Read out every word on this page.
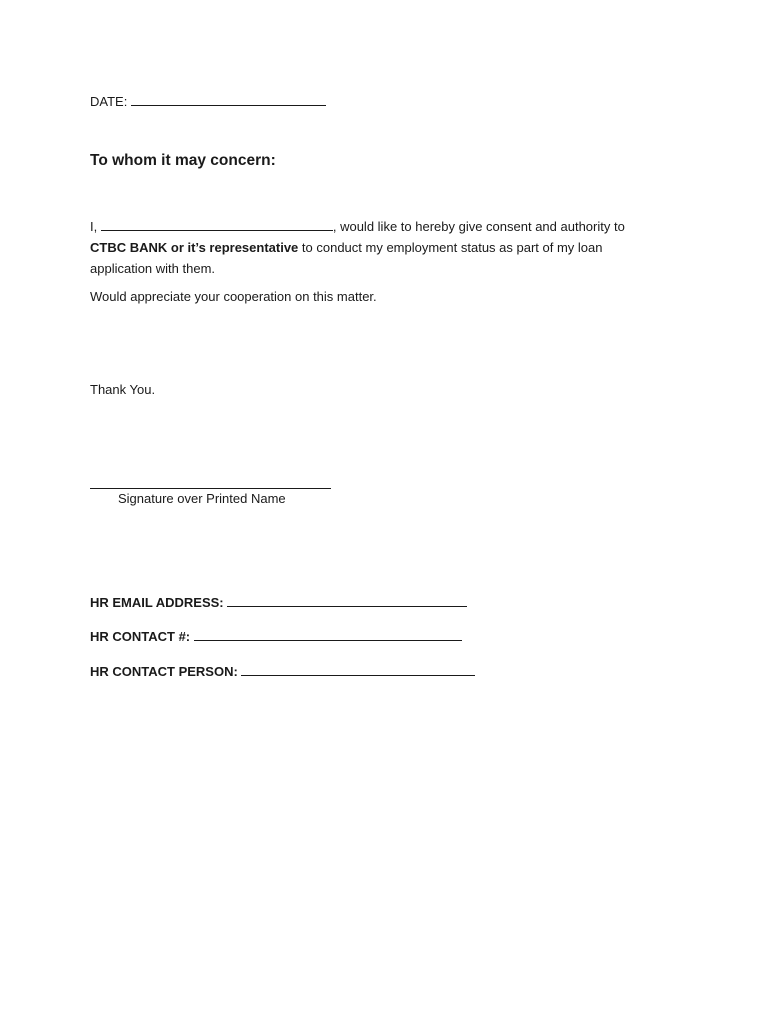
DATE:
To whom it may concern:
I,	, would like to hereby give consent and authority to
CTBC BANK or it’s representative to conduct my employment status as part of my loan
application with them.
Would appreciate your cooperation on this matter.
Thank You.
Signature over Printed Name
HR EMAIL ADDRESS:
HR CONTACT #:
HR CONTACT PERSON:
